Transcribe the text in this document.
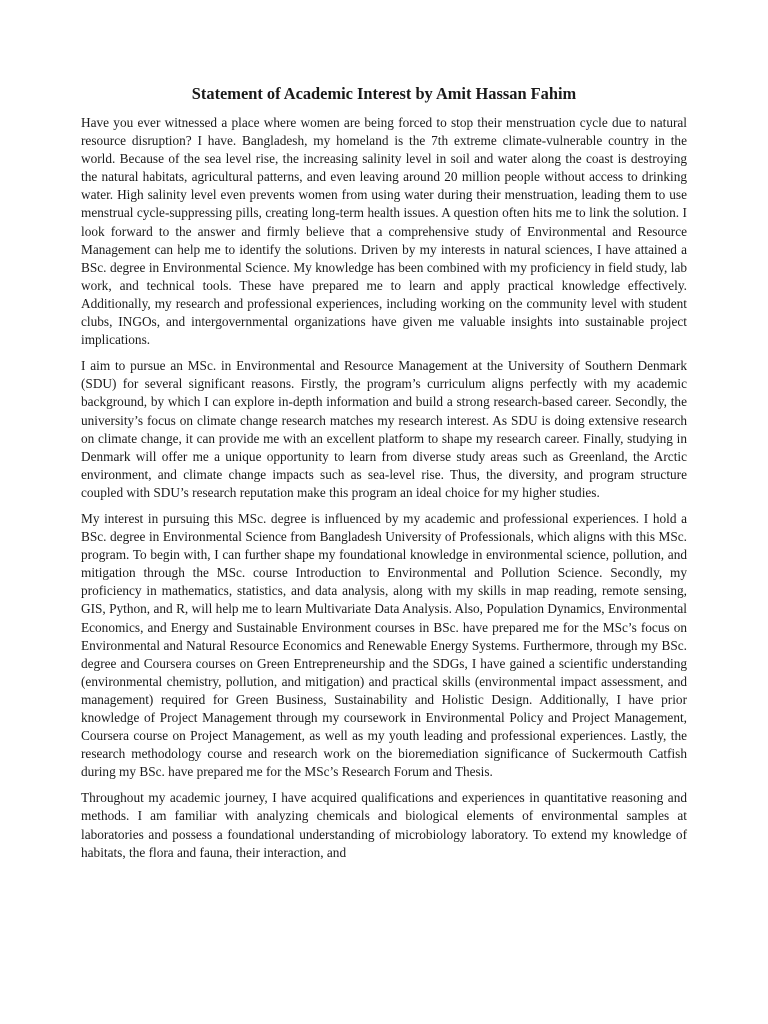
Statement of Academic Interest by Amit Hassan Fahim

Have you ever witnessed a place where women are being forced to stop their menstruation cycle due to natural resource disruption? I have. Bangladesh, my homeland is the 7th extreme climate-vulnerable country in the world. Because of the sea level rise, the increasing salinity level in soil and water along the coast is destroying the natural habitats, agricultural patterns, and even leaving around 20 million people without access to drinking water. High salinity level even prevents women from using water during their menstruation, leading them to use menstrual cycle-suppressing pills, creating long-term health issues. A question often hits me to link the solution. I look forward to the answer and firmly believe that a comprehensive study of Environmental and Resource Management can help me to identify the solutions. Driven by my interests in natural sciences, I have attained a BSc. degree in Environmental Science. My knowledge has been combined with my proficiency in field study, lab work, and technical tools. These have prepared me to learn and apply practical knowledge effectively. Additionally, my research and professional experiences, including working on the community level with student clubs, INGOs, and intergovernmental organizations have given me valuable insights into sustainable project implications.

I aim to pursue an MSc. in Environmental and Resource Management at the University of Southern Denmark (SDU) for several significant reasons. Firstly, the program’s curriculum aligns perfectly with my academic background, by which I can explore in-depth information and build a strong research-based career. Secondly, the university’s focus on climate change research matches my research interest. As SDU is doing extensive research on climate change, it can provide me with an excellent platform to shape my research career. Finally, studying in Denmark will offer me a unique opportunity to learn from diverse study areas such as Greenland, the Arctic environment, and climate change impacts such as sea-level rise. Thus, the diversity, and program structure coupled with SDU’s research reputation make this program an ideal choice for my higher studies.

My interest in pursuing this MSc. degree is influenced by my academic and professional experiences. I hold a BSc. degree in Environmental Science from Bangladesh University of Professionals, which aligns with this MSc. program. To begin with, I can further shape my foundational knowledge in environmental science, pollution, and mitigation through the MSc. course Introduction to Environmental and Pollution Science. Secondly, my proficiency in mathematics, statistics, and data analysis, along with my skills in map reading, remote sensing, GIS, Python, and R, will help me to learn Multivariate Data Analysis. Also, Population Dynamics, Environmental Economics, and Energy and Sustainable Environment courses in BSc. have prepared me for the MSc’s focus on Environmental and Natural Resource Economics and Renewable Energy Systems. Furthermore, through my BSc. degree and Coursera courses on Green Entrepreneurship and the SDGs, I have gained a scientific understanding (environmental chemistry, pollution, and mitigation) and practical skills (environmental impact assessment, and management) required for Green Business, Sustainability and Holistic Design. Additionally, I have prior knowledge of Project Management through my coursework in Environmental Policy and Project Management, Coursera course on Project Management, as well as my youth leading and professional experiences. Lastly, the research methodology course and research work on the bioremediation significance of Suckermouth Catfish during my BSc. have prepared me for the MSc’s Research Forum and Thesis.

Throughout my academic journey, I have acquired qualifications and experiences in quantitative reasoning and methods. I am familiar with analyzing chemicals and biological elements of environmental samples at laboratories and possess a foundational understanding of microbiology laboratory. To extend my knowledge of habitats, the flora and fauna, their interaction, and
